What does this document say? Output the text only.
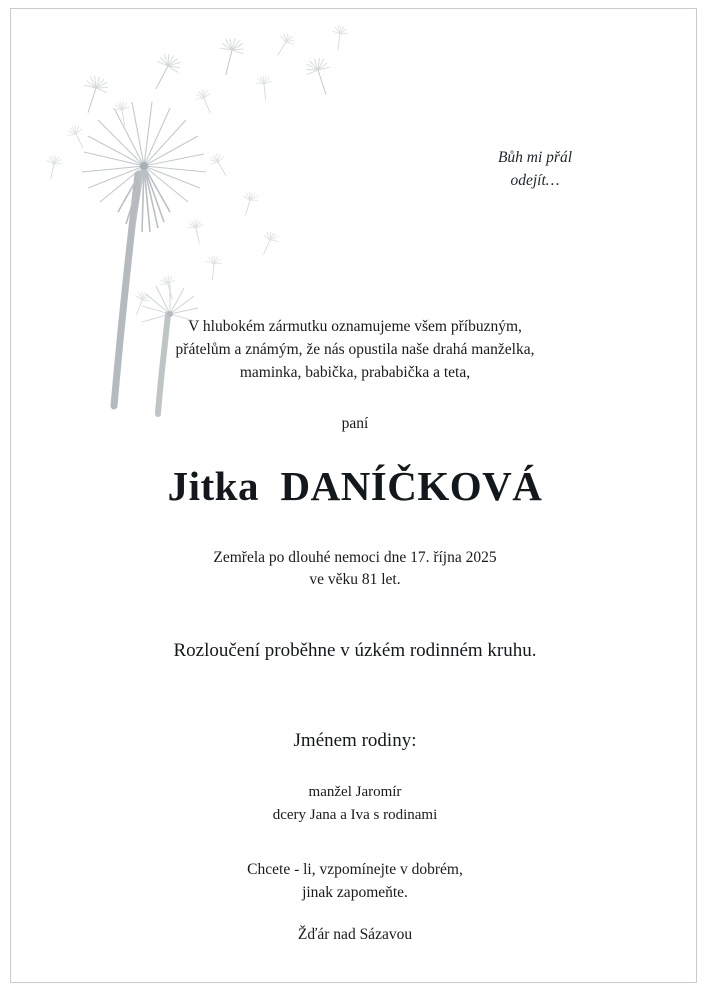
Bůh mi přál
odejít…
V hlubokém zármutku oznamujeme všem příbuzným,
přátelům a známým, že nás opustila naše drahá manželka,
maminka, babička, prababička a teta,
paní
Jitka  DANÍČKOVÁ
Zemřela po dlouhé nemoci dne 17. října 2025
ve věku 81 let.
Rozloučení proběhne v úzkém rodinném kruhu.
Jménem rodiny:
manžel Jaromír
dcery Jana a Iva s rodinami
Chcete - li, vzpomínejte v dobrém,
jinak zapomeňte.
Žďár nad Sázavou
